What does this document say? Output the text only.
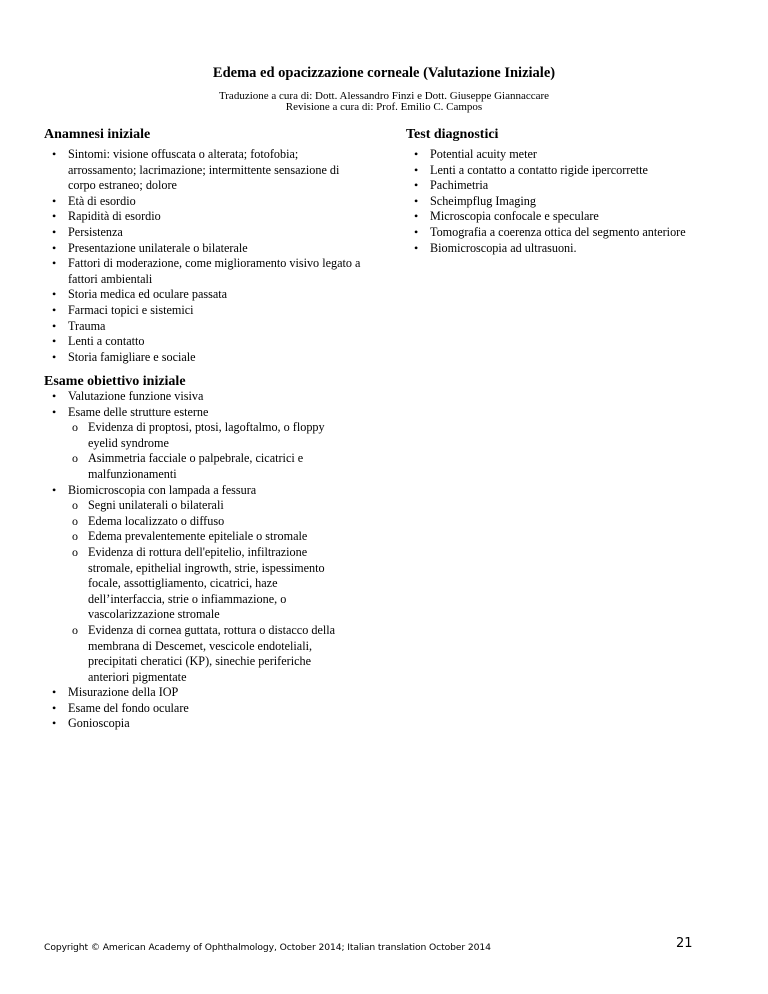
Edema ed opacizzazione corneale (Valutazione Iniziale)
Traduzione a cura di: Dott. Alessandro Finzi e Dott. Giuseppe Giannaccare
Revisione a cura di: Prof. Emilio C. Campos
Anamnesi iniziale
• Sintomi: visione offuscata o alterata; fotofobia; arrossamento; lacrimazione; intermittente sensazione di corpo estraneo; dolore
• Età di esordio
• Rapidità di esordio
• Persistenza
• Presentazione unilaterale o bilaterale
• Fattori di moderazione, come miglioramento visivo legato a fattori ambientali
• Storia medica ed oculare passata
• Farmaci topici e sistemici
• Trauma
• Lenti a contatto
• Storia famigliare e sociale
Test diagnostici
• Potential acuity meter
• Lenti a contatto a contatto rigide ipercorrette
• Pachimetria
• Scheimpflug Imaging
• Microscopia confocale e speculare
• Tomografia a coerenza ottica del segmento anteriore
• Biomicroscopia ad ultrasuoni.
Esame obiettivo iniziale
• Valutazione funzione visiva
• Esame delle strutture esterne
o Evidenza di proptosi, ptosi, lagoftalmo, o floppy eyelid syndrome
o Asimmetria facciale o palpebrale, cicatrici e malfunzionamenti
• Biomicroscopia con lampada a fessura
o Segni unilaterali o bilaterali
o Edema localizzato o diffuso
o Edema prevalentemente epiteliale o stromale
o Evidenza di rottura dell'epitelio, infiltrazione stromale, epithelial ingrowth, strie, ispessimento focale, assottigliamento, cicatrici, haze dell’interfaccia, strie o infiammazione, o vascolarizzazione stromale
o Evidenza di cornea guttata, rottura o distacco della membrana di Descemet, vescicole endoteliali, precipitati cheratici (KP), sinechie periferiche anteriori pigmentate
• Misurazione della IOP
• Esame del fondo oculare
• Gonioscopia
Copyright © American Academy of Ophthalmology, October 2014; Italian translation October 2014	21
